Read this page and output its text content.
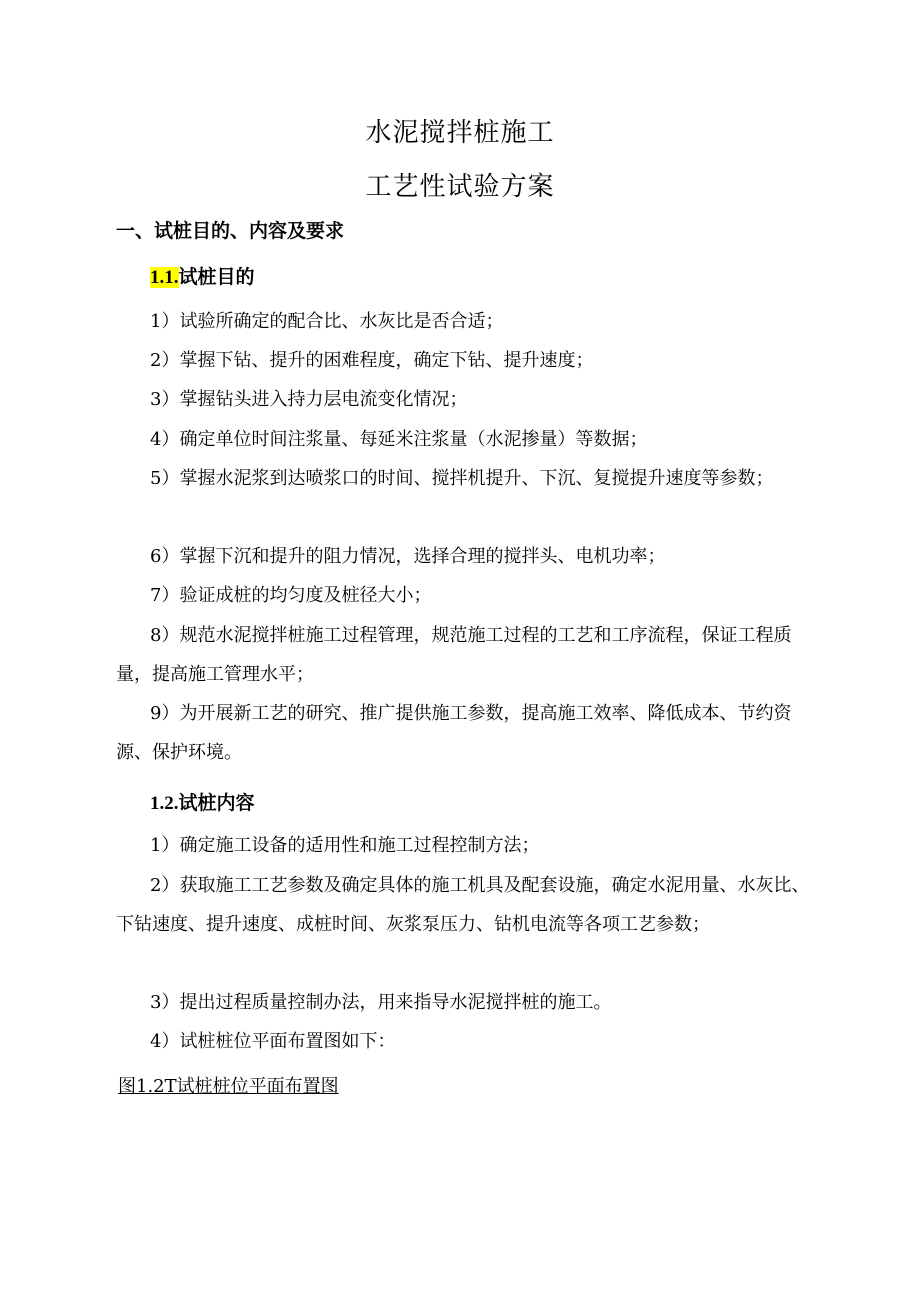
水泥搅拌桩施工
工艺性试验方案
一、试桩目的、内容及要求
1.1.试桩目的
1）试验所确定的配合比、水灰比是否合适；
2）掌握下钻、提升的困难程度，确定下钻、提升速度；
3）掌握钻头进入持力层电流变化情况；
4）确定单位时间注浆量、每延米注浆量（水泥掺量）等数据；
5）掌握水泥浆到达喷浆口的时间、搅拌机提升、下沉、复搅提升速度等参数；
6）掌握下沉和提升的阻力情况，选择合理的搅拌头、电机功率；
7）验证成桩的均匀度及桩径大小；
8）规范水泥搅拌桩施工过程管理，规范施工过程的工艺和工序流程，保证工程质量，提高施工管理水平；
9）为开展新工艺的研究、推广提供施工参数，提高施工效率、降低成本、节约资源、保护环境。
1.2.试桩内容
1）确定施工设备的适用性和施工过程控制方法；
2）获取施工工艺参数及确定具体的施工机具及配套设施，确定水泥用量、水灰比、下钻速度、提升速度、成桩时间、灰浆泵压力、钻机电流等各项工艺参数；
3）提出过程质量控制办法，用来指导水泥搅拌桩的施工。
4）试桩桩位平面布置图如下：
图1.2T试桩桩位平面布置图
